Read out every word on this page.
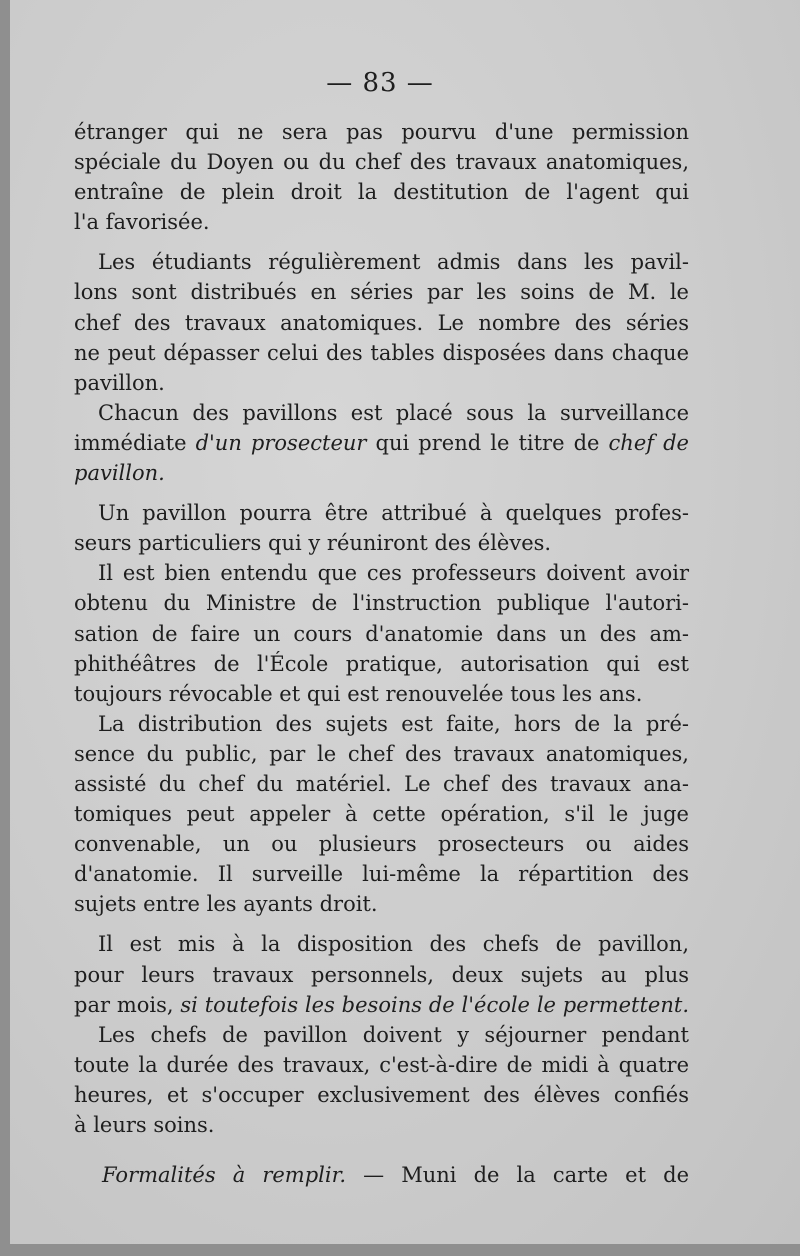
— 83 —
étranger qui ne sera pas pourvu d'une permission
spéciale du Doyen ou du chef des travaux anatomiques,
entraîne de plein droit la destitution de l'agent qui
l'a favorisée.
Les étudiants régulièrement admis dans les pavil-
lons sont distribués en séries par les soins de M. le
chef des travaux anatomiques. Le nombre des séries
ne peut dépasser celui des tables disposées dans chaque
pavillon.
Chacun des pavillons est placé sous la surveillance
immédiate d'un prosecteur qui prend le titre de chef de
pavillon.
Un pavillon pourra être attribué à quelques profes-
seurs particuliers qui y réuniront des élèves.
Il est bien entendu que ces professeurs doivent avoir
obtenu du Ministre de l'instruction publique l'autori-
sation de faire un cours d'anatomie dans un des am-
phithéâtres de l'École pratique, autorisation qui est
toujours révocable et qui est renouvelée tous les ans.
La distribution des sujets est faite, hors de la pré-
sence du public, par le chef des travaux anatomiques,
assisté du chef du matériel. Le chef des travaux ana-
tomiques peut appeler à cette opération, s'il le juge
convenable, un ou plusieurs prosecteurs ou aides
d'anatomie. Il surveille lui-même la répartition des
sujets entre les ayants droit.
Il est mis à la disposition des chefs de pavillon,
pour leurs travaux personnels, deux sujets au plus
par mois, si toutefois les besoins de l'école le permettent.
Les chefs de pavillon doivent y séjourner pendant
toute la durée des travaux, c'est-à-dire de midi à quatre
heures, et s'occuper exclusivement des élèves confiés
à leurs soins.
Formalités à remplir. — Muni de la carte et de
